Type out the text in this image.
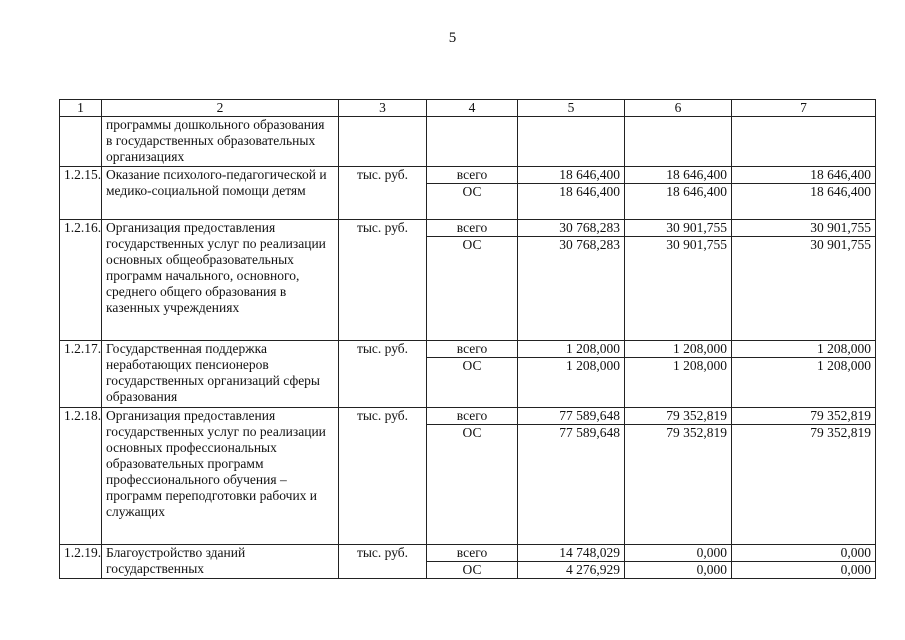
5
1	2	3	4	5	6	7
	программы дошкольного образования в государственных образовательных организациях					
1.2.15.	Оказание психолого-педагогической и медико-социальной помощи детям	тыс. руб.	всего	18 646,400	18 646,400	18 646,400
			ОС	18 646,400	18 646,400	18 646,400
1.2.16.	Организация предоставления государственных услуг по реализации основных общеобразовательных программ начального, основного, среднего общего образования в казенных учреждениях	тыс. руб.	всего	30 768,283	30 901,755	30 901,755
			ОС	30 768,283	30 901,755	30 901,755
1.2.17.	Государственная поддержка неработающих пенсионеров государственных организаций сферы образования	тыс. руб.	всего	1 208,000	1 208,000	1 208,000
			ОС	1 208,000	1 208,000	1 208,000
1.2.18.	Организация предоставления государственных услуг по реализации основных профессиональных образовательных программ профессионального обучения – программ переподготовки рабочих и служащих	тыс. руб.	всего	77 589,648	79 352,819	79 352,819
			ОС	77 589,648	79 352,819	79 352,819
1.2.19.	Благоустройство зданий государственных	тыс. руб.	всего	14 748,029	0,000	0,000
			ОС	4 276,929	0,000	0,000
